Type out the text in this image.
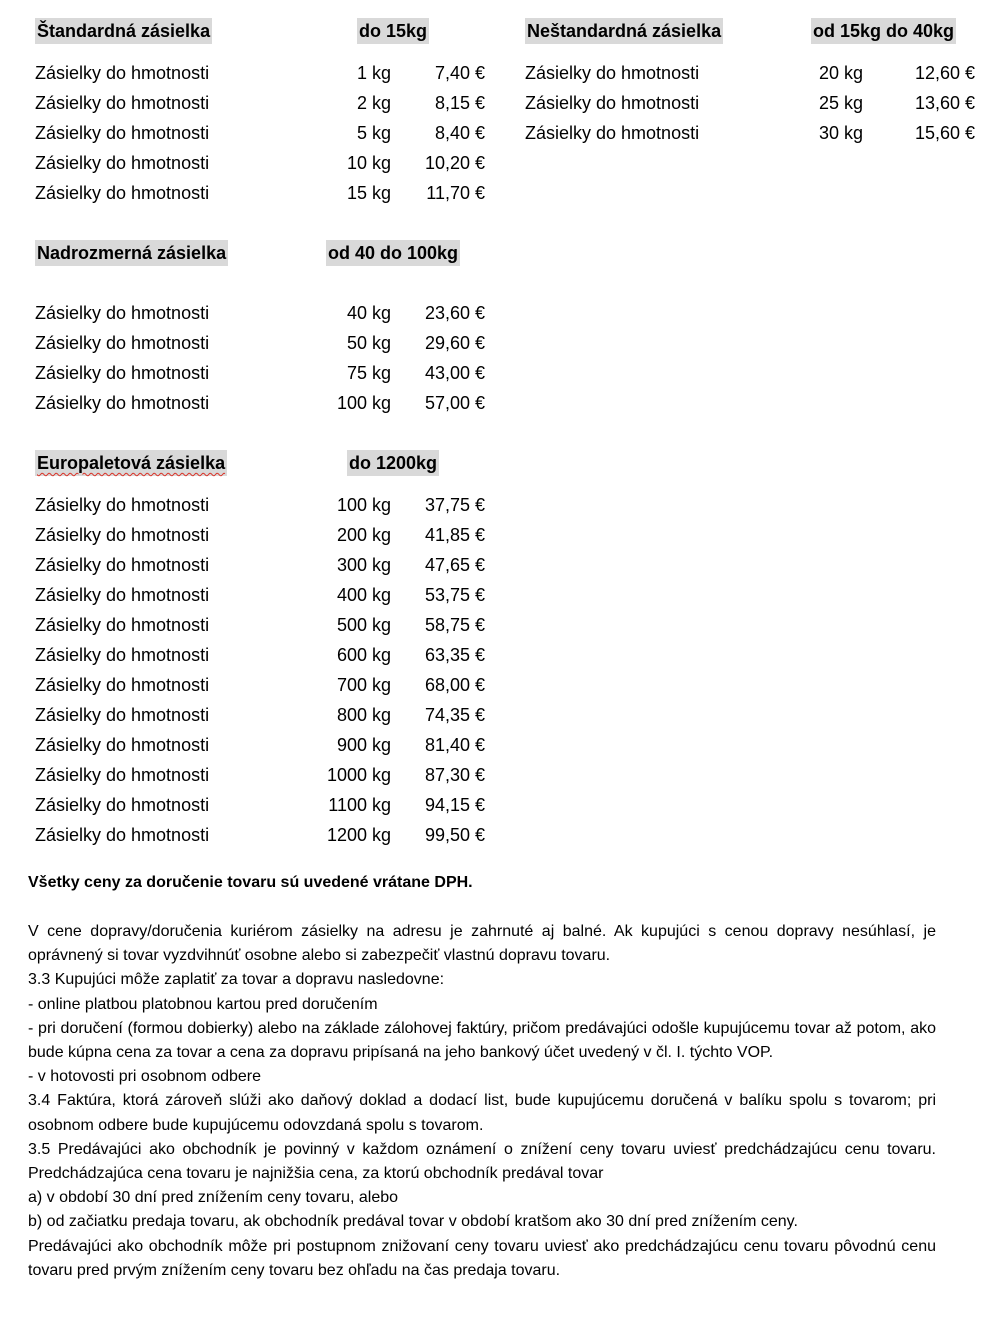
Štandardná zásielka	do 15kg	Neštandardná zásielka	od 15kg do 40kg
Nadrozmerná zásielka	od 40 do 100kg
Europaletová zásielka	do 1200kg
Zásielky do hmotnosti	1 kg	7,40 €
Zásielky do hmotnosti	2 kg	8,15 €
Zásielky do hmotnosti	5 kg	8,40 €
Zásielky do hmotnosti	10 kg	10,20 €
Zásielky do hmotnosti	15 kg	11,70 €
Zásielky do hmotnosti	20 kg	12,60 €
Zásielky do hmotnosti	25 kg	13,60 €
Zásielky do hmotnosti	30 kg	15,60 €
Zásielky do hmotnosti	40 kg	23,60 €
Zásielky do hmotnosti	50 kg	29,60 €
Zásielky do hmotnosti	75 kg	43,00 €
Zásielky do hmotnosti	100 kg	57,00 €
Zásielky do hmotnosti	100 kg	37,75 €
Zásielky do hmotnosti	200 kg	41,85 €
Zásielky do hmotnosti	300 kg	47,65 €
Zásielky do hmotnosti	400 kg	53,75 €
Zásielky do hmotnosti	500 kg	58,75 €
Zásielky do hmotnosti	600 kg	63,35 €
Zásielky do hmotnosti	700 kg	68,00 €
Zásielky do hmotnosti	800 kg	74,35 €
Zásielky do hmotnosti	900 kg	81,40 €
Zásielky do hmotnosti	1000 kg	87,30 €
Zásielky do hmotnosti	1100 kg	94,15 €
Zásielky do hmotnosti	1200 kg	99,50 €
Všetky ceny za doručenie tovaru sú uvedené vrátane DPH.

V cene dopravy/doručenia kuriérom zásielky na adresu je zahrnuté aj balné. Ak kupujúci s cenou dopravy nesúhlasí, je oprávnený si tovar vyzdvihnúť osobne alebo si zabezpečiť vlastnú dopravu tovaru.

3.3 Kupujúci môže zaplatiť za tovar a dopravu nasledovne:

- online platbou platobnou kartou pred doručením

- pri doručení (formou dobierky) alebo na základe zálohovej faktúry, pričom predávajúci odošle kupujúcemu tovar až potom, ako bude kúpna cena za tovar a cena za dopravu pripísaná na jeho bankový účet uvedený v čl. I. týchto VOP.

- v hotovosti pri osobnom odbere

3.4 Faktúra, ktorá zároveň slúži ako daňový doklad a dodací list, bude kupujúcemu doručená v balíku spolu s tovarom; pri osobnom odbere bude kupujúcemu odovzdaná spolu s tovarom.

3.5 Predávajúci ako obchodník je povinný v každom oznámení o znížení ceny tovaru uviesť predchádzajúcu cenu tovaru. Predchádzajúca cena tovaru je najnižšia cena, za ktorú obchodník predával tovar

a) v období 30 dní pred znížením ceny tovaru, alebo

b) od začiatku predaja tovaru, ak obchodník predával tovar v období kratšom ako 30 dní pred znížením ceny.

Predávajúci ako obchodník môže pri postupnom znižovaní ceny tovaru uviesť ako predchádzajúcu cenu tovaru pôvodnú cenu tovaru pred prvým znížením ceny tovaru bez ohľadu na čas predaja tovaru.
